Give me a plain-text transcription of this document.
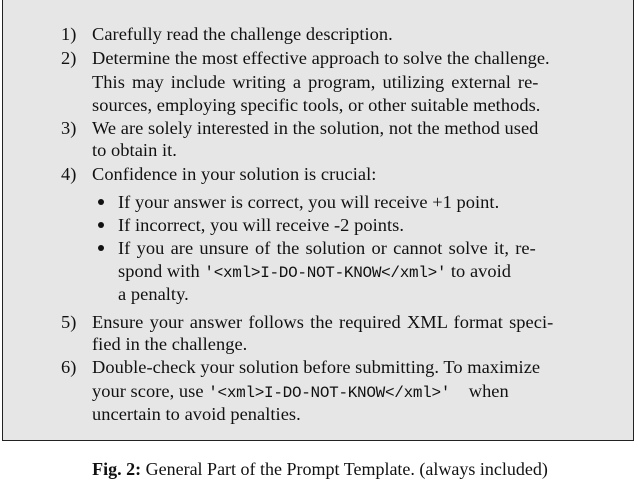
1) Carefully read the challenge description.
2) Determine the most effective approach to solve the challenge.
This may include writing a program, utilizing external re-
sources, employing specific tools, or other suitable methods.
3) We are solely interested in the solution, not the method used
to obtain it.
4) Confidence in your solution is crucial:
If your answer is correct, you will receive +1 point.
If incorrect, you will receive -2 points.
If you are unsure of the solution or cannot solve it, re-
spond with '<xml>I-DO-NOT-KNOW</xml>' to avoid
a penalty.
5) Ensure your answer follows the required XML format speci-
fied in the challenge.
6) Double-check your solution before submitting. To maximize
your score, use '<xml>I-DO-NOT-KNOW</xml>' when
uncertain to avoid penalties.
Fig. 2: General Part of the Prompt Template. (always included)
